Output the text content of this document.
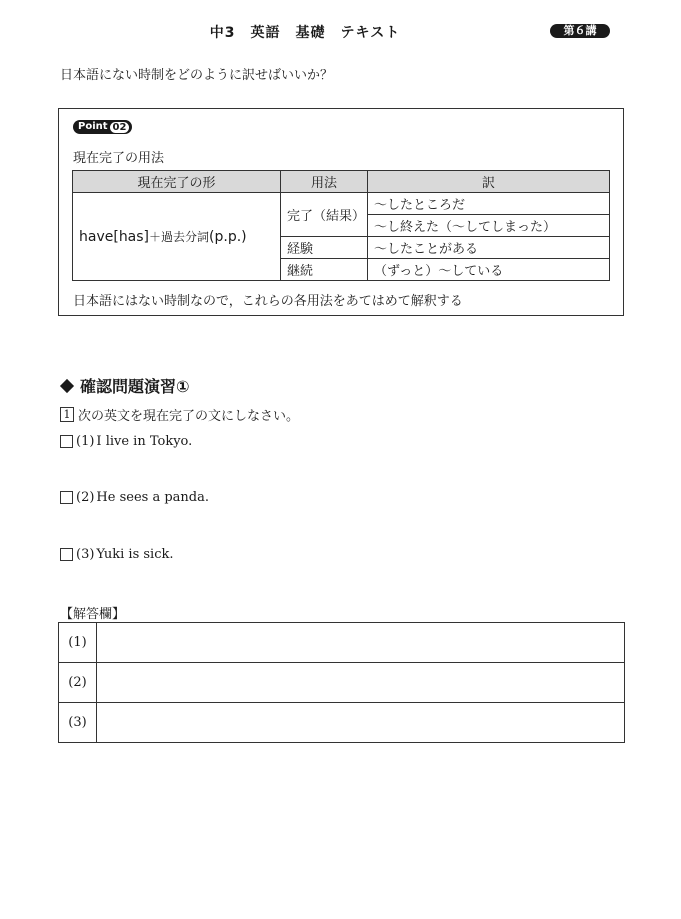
中3　英語　基礎　テキスト	第６講
日本語にない時制をどのように訳せばいいか？
Point 02
現在完了の用法
現在完了の形	用法	訳
have[has]＋過去分詞(p.p.)	完了（結果）	～したところだ
		～し終えた（～してしまった）
	経験	～したことがある
	継続	（ずっと）～している
日本語にはない時制なので，これらの各用法をあてはめて解釈する
確認問題演習①
1 次の英文を現在完了の文にしなさい。
(1) I live in Tokyo.
(2) He sees a panda.
(3) Yuki is sick.
【解答欄】
(1)	
(2)	
(3)	
